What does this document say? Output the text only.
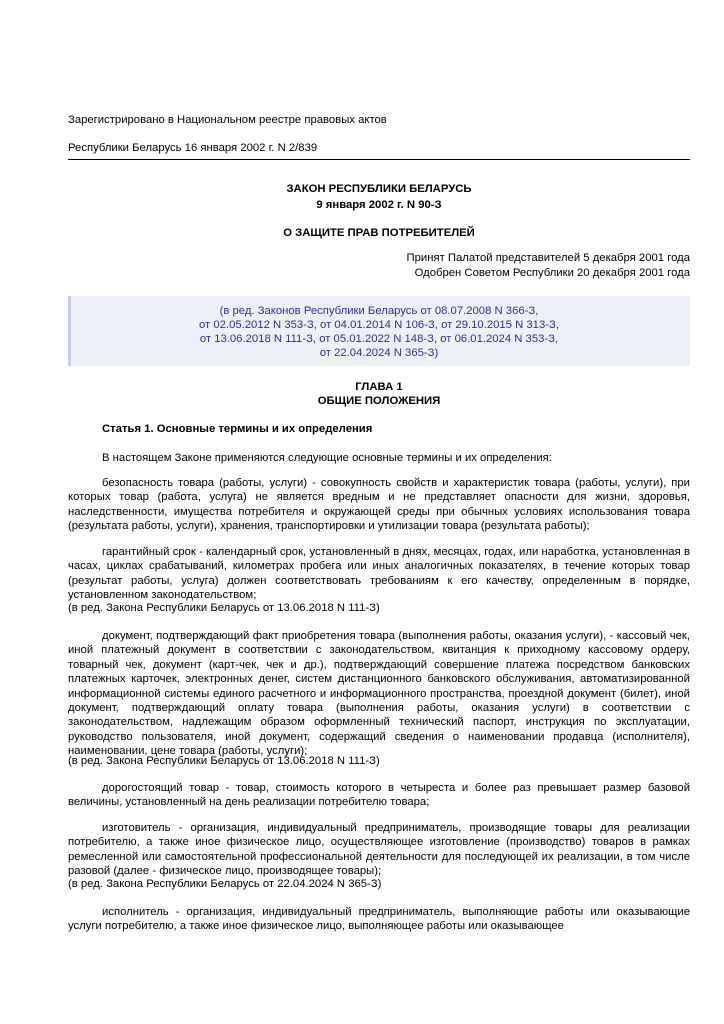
Зарегистрировано в Национальном реестре правовых актов
Республики Беларусь 16 января 2002 г. N 2/839
ЗАКОН РЕСПУБЛИКИ БЕЛАРУСЬ
9 января 2002 г. N 90-З
О ЗАЩИТЕ ПРАВ ПОТРЕБИТЕЛЕЙ
Принят Палатой представителей 5 декабря 2001 года
Одобрен Советом Республики 20 декабря 2001 года
(в ред. Законов Республики Беларусь от 08.07.2008 N 366-З,
от 02.05.2012 N 353-З, от 04.01.2014 N 106-З, от 29.10.2015 N 313-З,
от 13.06.2018 N 111-З, от 05.01.2022 N 148-З, от 06.01.2024 N 353-З,
от 22.04.2024 N 365-З)
ГЛАВА 1
ОБЩИЕ ПОЛОЖЕНИЯ
Статья 1. Основные термины и их определения

В настоящем Законе применяются следующие основные термины и их определения:

безопасность товара (работы, услуги) - совокупность свойств и характеристик товара (работы, услуги), при которых товар (работа, услуга) не является вредным и не представляет опасности для жизни, здоровья, наследственности, имущества потребителя и окружающей среды при обычных условиях использования товара (результата работы, услуги), хранения, транспортировки и утилизации товара (результата работы);

гарантийный срок - календарный срок, установленный в днях, месяцах, годах, или наработка, установленная в часах, циклах срабатываний, километрах пробега или иных аналогичных показателях, в течение которых товар (результат работы, услуга) должен соответствовать требованиям к его качеству, определенным в порядке, установленном законодательством;

(в ред. Закона Республики Беларусь от 13.06.2018 N 111-З)

документ, подтверждающий факт приобретения товара (выполнения работы, оказания услуги), - кассовый чек, иной платежный документ в соответствии с законодательством, квитанция к приходному кассовому ордеру, товарный чек, документ (карт-чек, чек и др.), подтверждающий совершение платежа посредством банковских платежных карточек, электронных денег, систем дистанционного банковского обслуживания, автоматизированной информационной системы единого расчетного и информационного пространства, проездной документ (билет), иной документ, подтверждающий оплату товара (выполнения работы, оказания услуги) в соответствии с законодательством, надлежащим образом оформленный технический паспорт, инструкция по эксплуатации, руководство пользователя, иной документ, содержащий сведения о наименовании продавца (исполнителя), наименовании, цене товара (работы, услуги);

(в ред. Закона Республики Беларусь от 13.06.2018 N 111-З)

дорогостоящий товар - товар, стоимость которого в четыреста и более раз превышает размер базовой величины, установленный на день реализации потребителю товара;

изготовитель - организация, индивидуальный предприниматель, производящие товары для реализации потребителю, а также иное физическое лицо, осуществляющее изготовление (производство) товаров в рамках ремесленной или самостоятельной профессиональной деятельности для последующей их реализации, в том числе разовой (далее - физическое лицо, производящее товары);

(в ред. Закона Республики Беларусь от 22.04.2024 N 365-З)

исполнитель - организация, индивидуальный предприниматель, выполняющие работы или оказывающие услуги потребителю, а также иное физическое лицо, выполняющее работы или оказывающее
